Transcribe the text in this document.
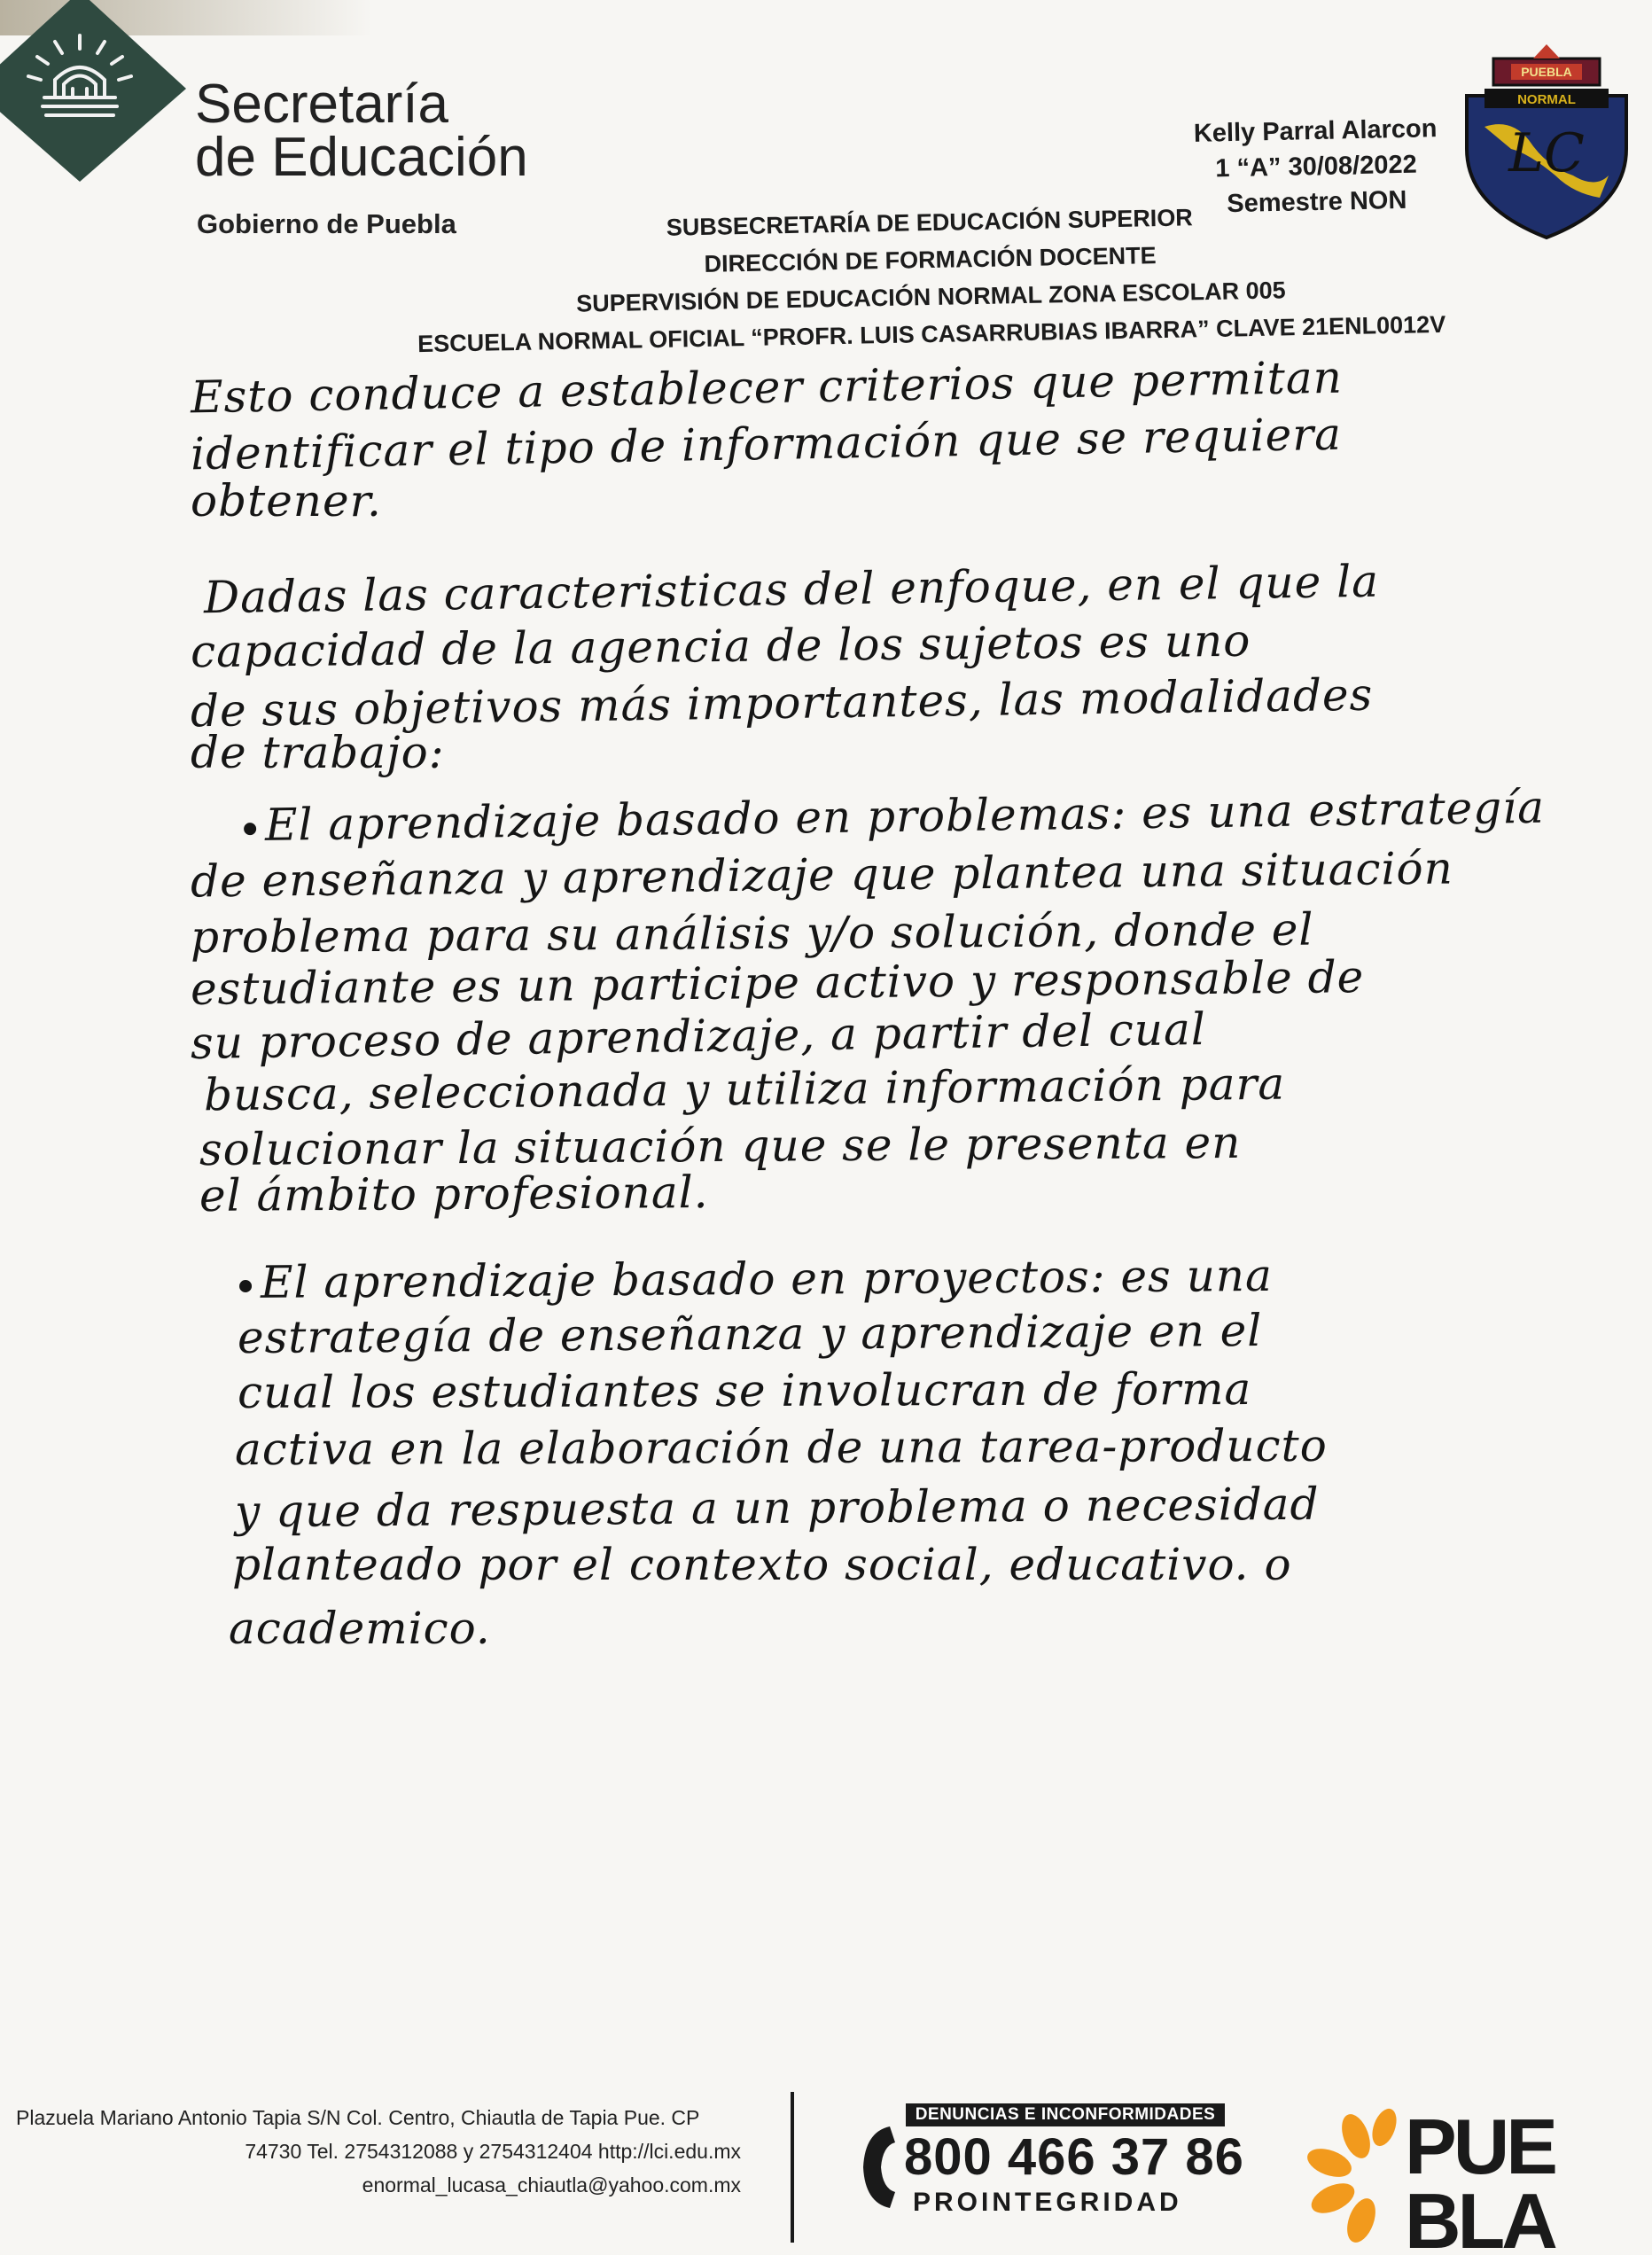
Secretaría
de Educación
Gobierno de Puebla
Kelly Parral Alarcon
1 “A” 30/08/2022
Semestre NON
PUEBLA
NORMAL
LC
SUBSECRETARÍA DE EDUCACIÓN SUPERIOR
DIRECCIÓN DE FORMACIÓN DOCENTE
SUPERVISIÓN DE EDUCACIÓN NORMAL ZONA ESCOLAR 005
ESCUELA NORMAL OFICIAL “PROFR. LUIS CASARRUBIAS IBARRA” CLAVE 21ENL0012V
Esto conduce a establecer criterios que permitan
identificar el tipo de información que se requiera
obtener.
Dadas las caracteristicas del enfoque, en el que la
capacidad de la agencia de los sujetos es uno
de sus objetivos más importantes, las modalidades
de trabajo:
El aprendizaje basado en problemas: es una estrategía
de enseñanza y aprendizaje que plantea una situación
problema para su análisis y/o solución, donde el
estudiante es un participe activo y responsable de
su proceso de aprendizaje, a partir del cual
busca, seleccionada y utiliza información para
solucionar la situación que se le presenta en
el ámbito profesional.
El aprendizaje basado en proyectos: es una
estrategía de enseñanza y aprendizaje en el
cual los estudiantes se involucran de forma
activa en la elaboración de una tarea-producto
y que da respuesta a un problema o necesidad
planteado por el contexto social, educativo. o
academico.
Plazuela Mariano Antonio Tapia S/N Col. Centro, Chiautla de Tapia Pue. CP
74730 Tel. 2754312088 y 2754312404 http://lci.edu.mx
enormal_lucasa_chiautla@yahoo.com.mx
DENUNCIAS E INCONFORMIDADES
800 466 37 86
PROINTEGRIDAD
PUE
BLA
